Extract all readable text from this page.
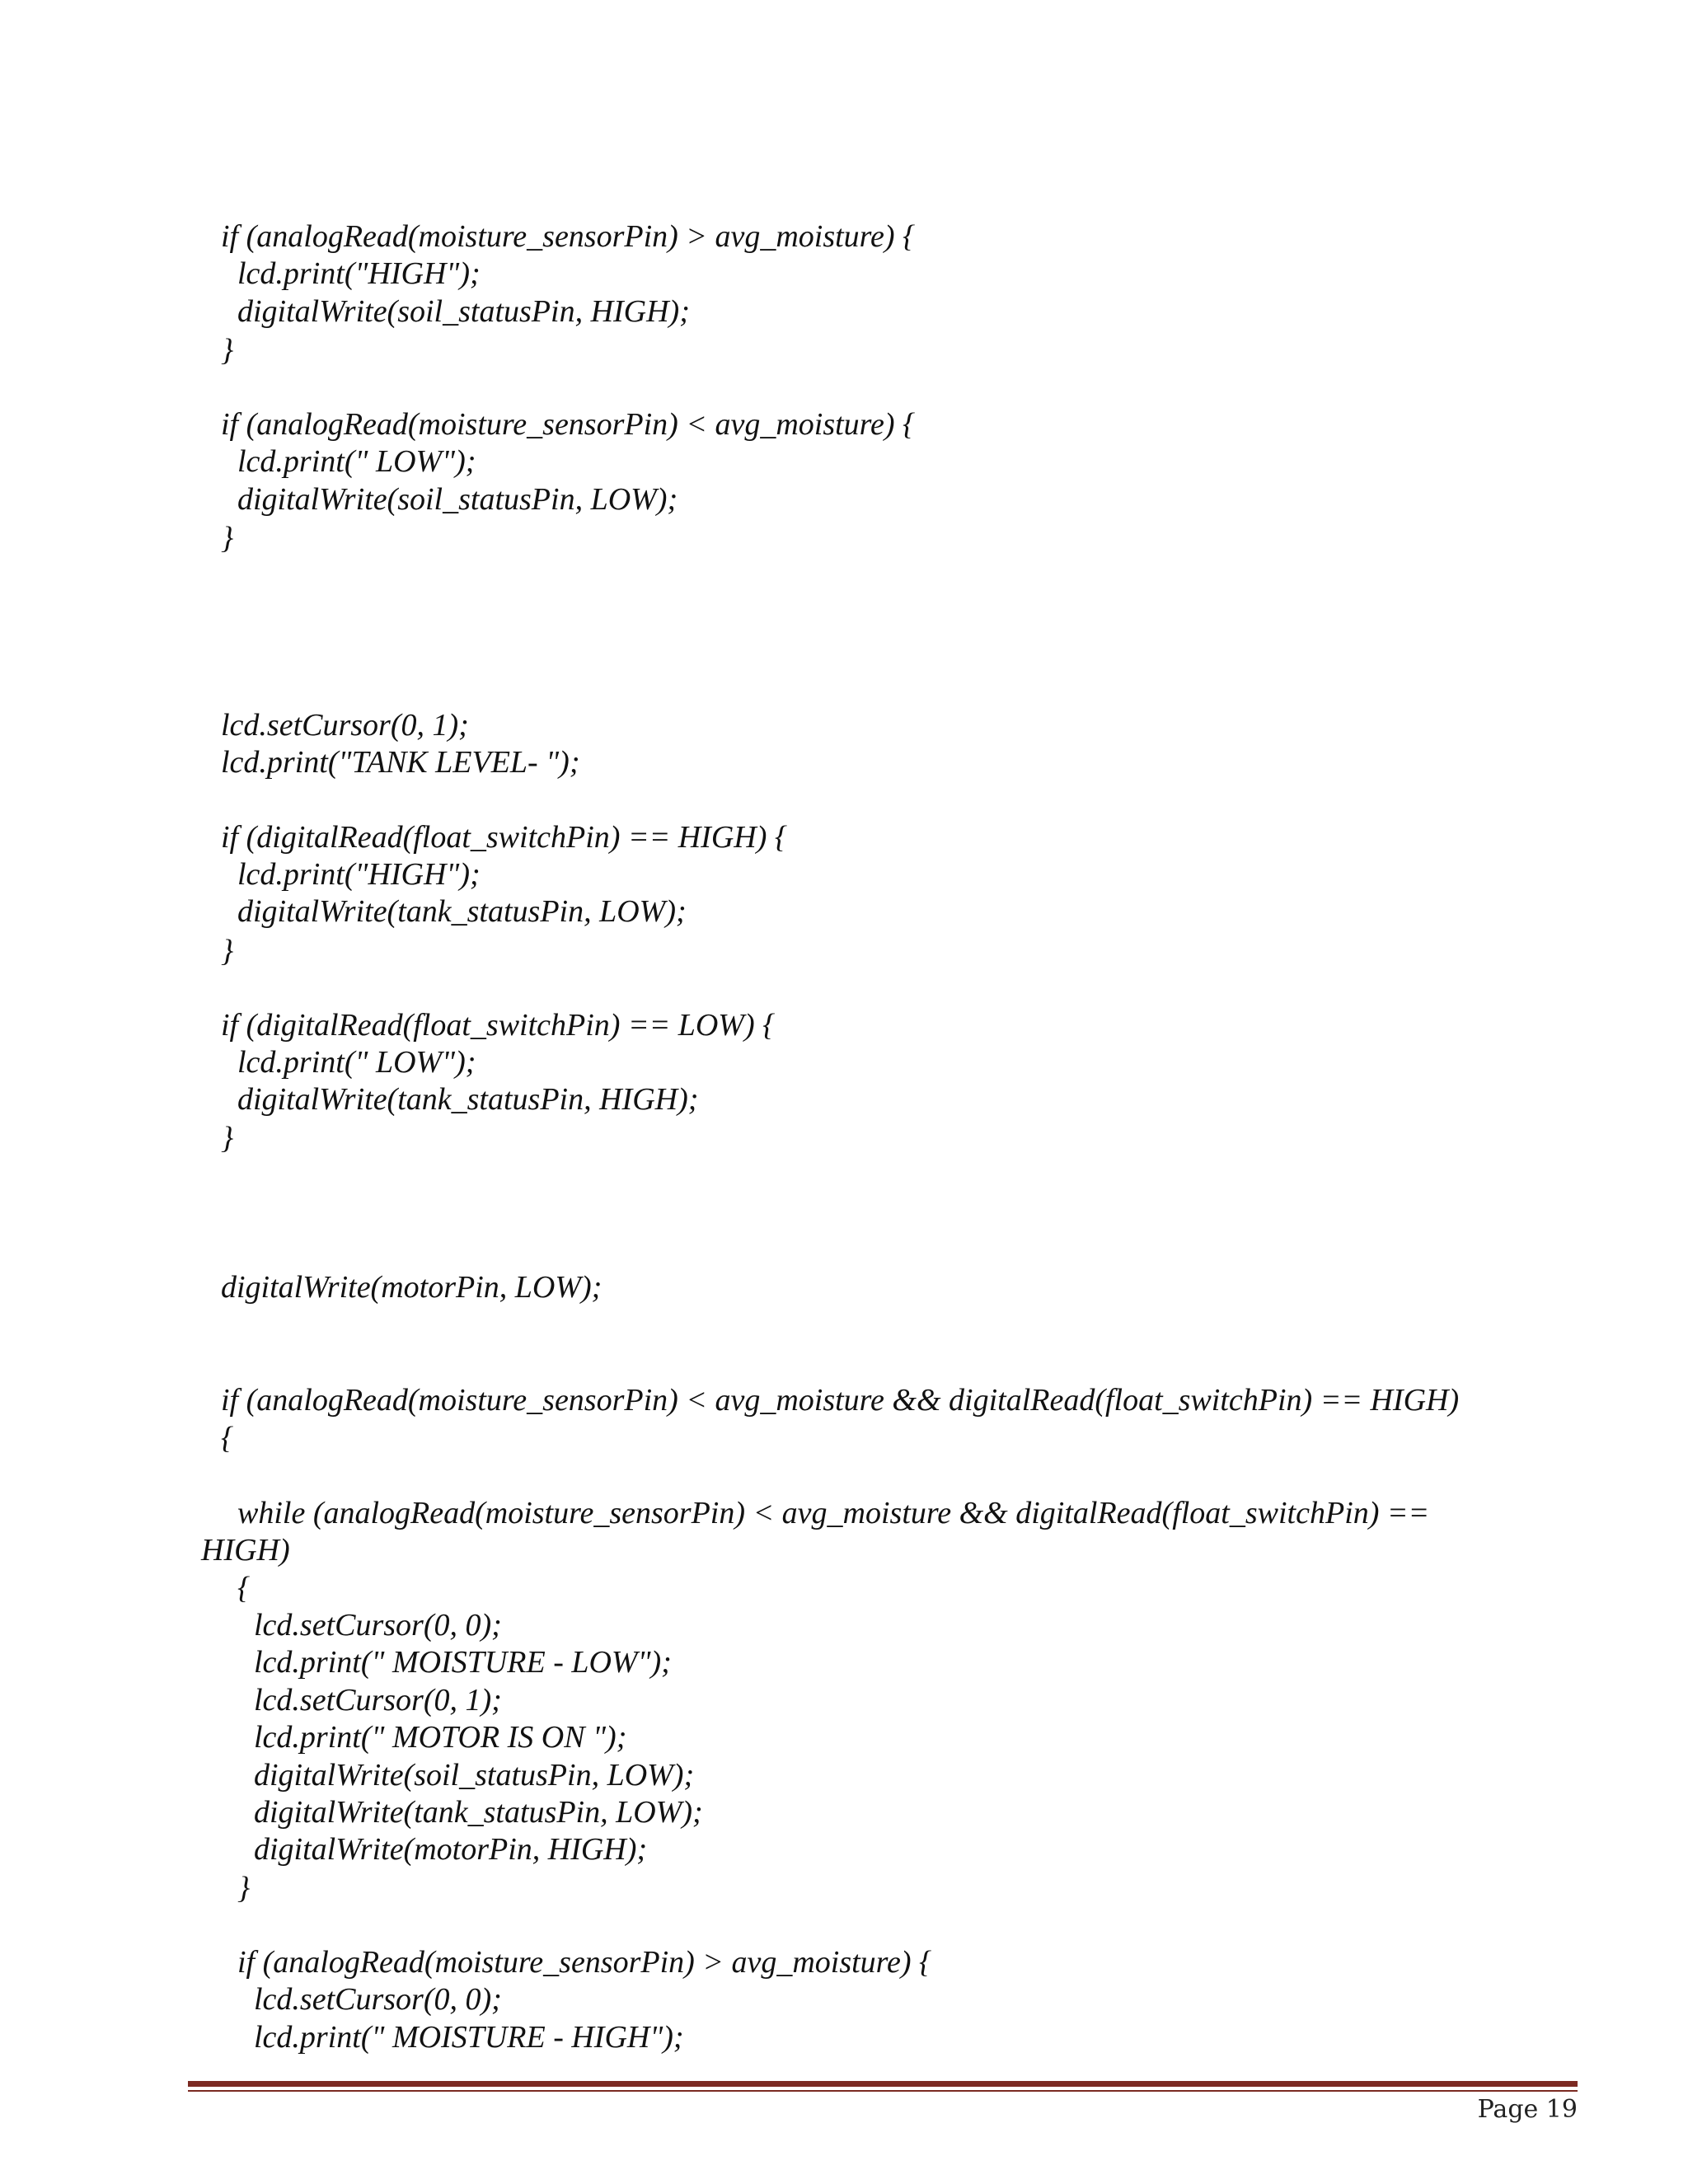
if (analogRead(moisture_sensorPin) > avg_moisture) {
lcd.print("HIGH");
digitalWrite(soil_statusPin, HIGH);
}
if (analogRead(moisture_sensorPin) < avg_moisture) {
lcd.print(" LOW");
digitalWrite(soil_statusPin, LOW);
}
lcd.setCursor(0, 1);
lcd.print("TANK LEVEL- ");
if (digitalRead(float_switchPin) == HIGH) {
lcd.print("HIGH");
digitalWrite(tank_statusPin, LOW);
}
if (digitalRead(float_switchPin) == LOW) {
lcd.print(" LOW");
digitalWrite(tank_statusPin, HIGH);
}
digitalWrite(motorPin, LOW);
if (analogRead(moisture_sensorPin) < avg_moisture && digitalRead(float_switchPin) == HIGH)
{
while (analogRead(moisture_sensorPin) < avg_moisture && digitalRead(float_switchPin) ==
HIGH)
{
lcd.setCursor(0, 0);
lcd.print(" MOISTURE - LOW");
lcd.setCursor(0, 1);
lcd.print(" MOTOR IS ON ");
digitalWrite(soil_statusPin, LOW);
digitalWrite(tank_statusPin, LOW);
digitalWrite(motorPin, HIGH);
}
if (analogRead(moisture_sensorPin) > avg_moisture) {
lcd.setCursor(0, 0);
lcd.print(" MOISTURE - HIGH");
Page 19
